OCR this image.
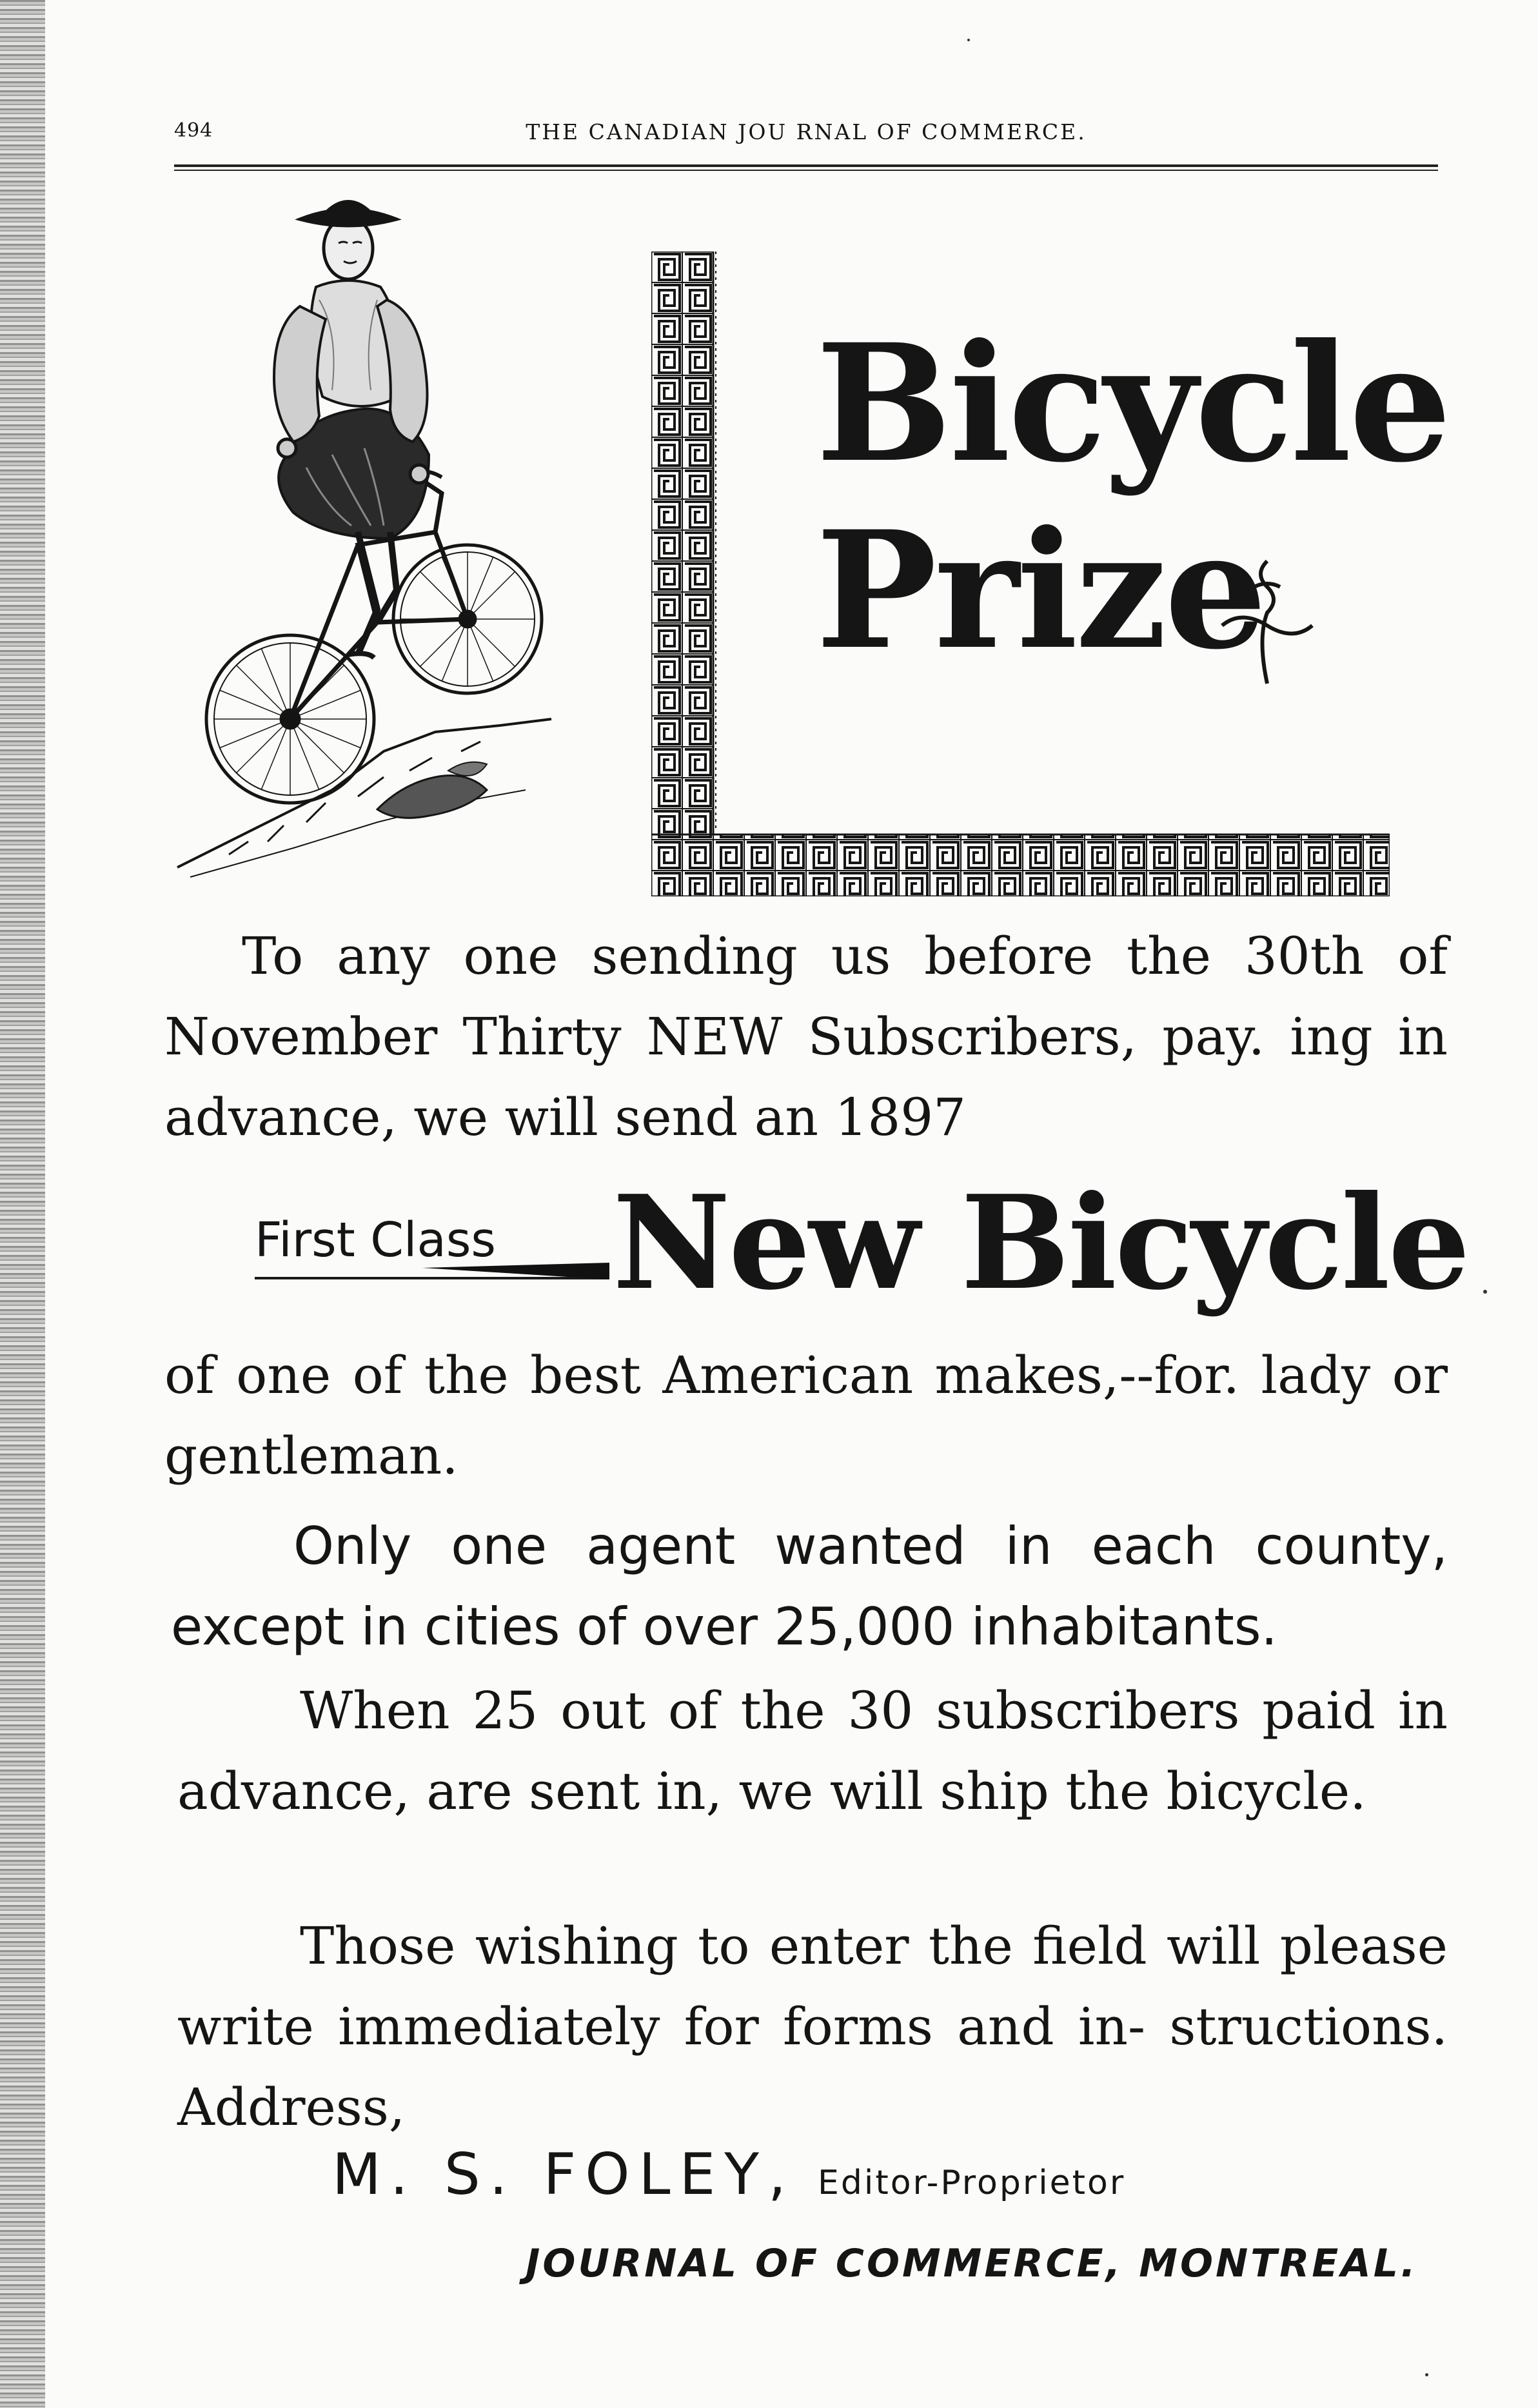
494	THE CANADIAN JOU RNAL OF COMMERCE.
Bicycle
Prize
To any one sending us before the 30th of November Thirty NEW Subscribers, pay. ing in advance, we will send an 1897
First Class New Bicycle
of one of the best American makes,--for. lady or gentleman.
Only one agent wanted in each county, except in cities of over 25,000 inhabitants.
When 25 out of the 30 subscribers paid in advance, are sent in, we will ship the bicycle.
Those wishing to enter the field will please write immediately for forms and in- structions. Address,
M. S. FOLEY, Editor-Proprietor
JOURNAL OF COMMERCE, MONTREAL.
